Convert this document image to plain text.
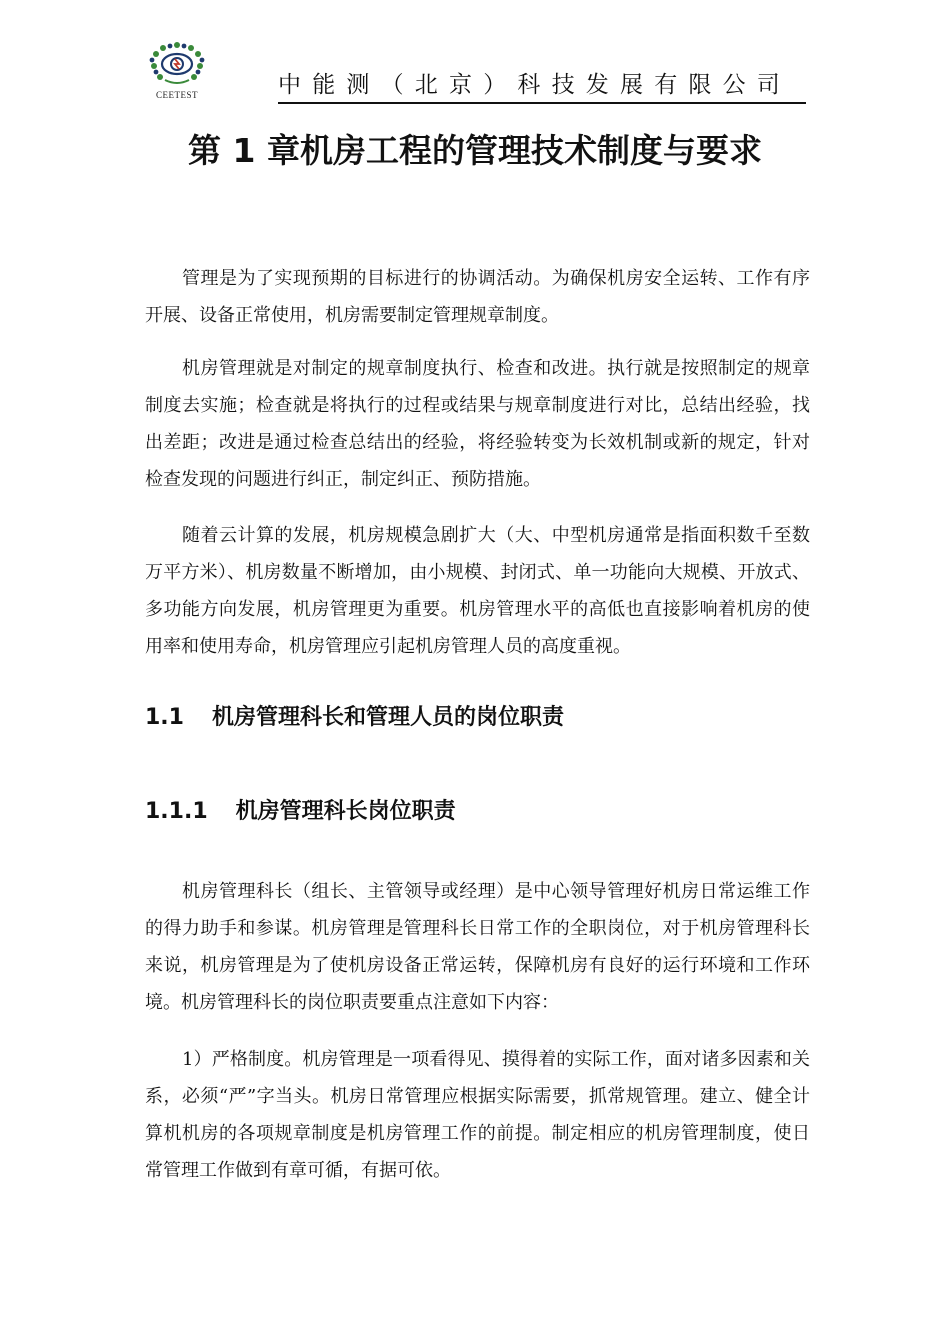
CEETEST	中能测（北京）科技发展有限公司
第 1 章机房工程的管理技术制度与要求

管理是为了实现预期的目标进行的协调活动。为确保机房安全运转、工作有序开展、设备正常使用，机房需要制定管理规章制度。

机房管理就是对制定的规章制度执行、检查和改进。执行就是按照制定的规章制度去实施；检查就是将执行的过程或结果与规章制度进行对比，总结出经验，找出差距；改进是通过检查总结出的经验，将经验转变为长效机制或新的规定，针对检查发现的问题进行纠正，制定纠正、预防措施。

随着云计算的发展，机房规模急剧扩大（大、中型机房通常是指面积数千至数万平方米）、机房数量不断增加，由小规模、封闭式、单一功能向大规模、开放式、多功能方向发展，机房管理更为重要。机房管理水平的高低也直接影响着机房的使用率和使用寿命，机房管理应引起机房管理人员的高度重视。

1.1 机房管理科长和管理人员的岗位职责
1.1.1 机房管理科长岗位职责

机房管理科长（组长、主管领导或经理）是中心领导管理好机房日常运维工作的得力助手和参谋。机房管理是管理科长日常工作的全职岗位，对于机房管理科长来说，机房管理是为了使机房设备正常运转，保障机房有良好的运行环境和工作环境。机房管理科长的岗位职责要重点注意如下内容：

1）严格制度。机房管理是一项看得见、摸得着的实际工作，面对诸多因素和关系，必须“严”字当头。机房日常管理应根据实际需要，抓常规管理。建立、健全计算机机房的各项规章制度是机房管理工作的前提。制定相应的机房管理制度，使日常管理工作做到有章可循，有据可依。
